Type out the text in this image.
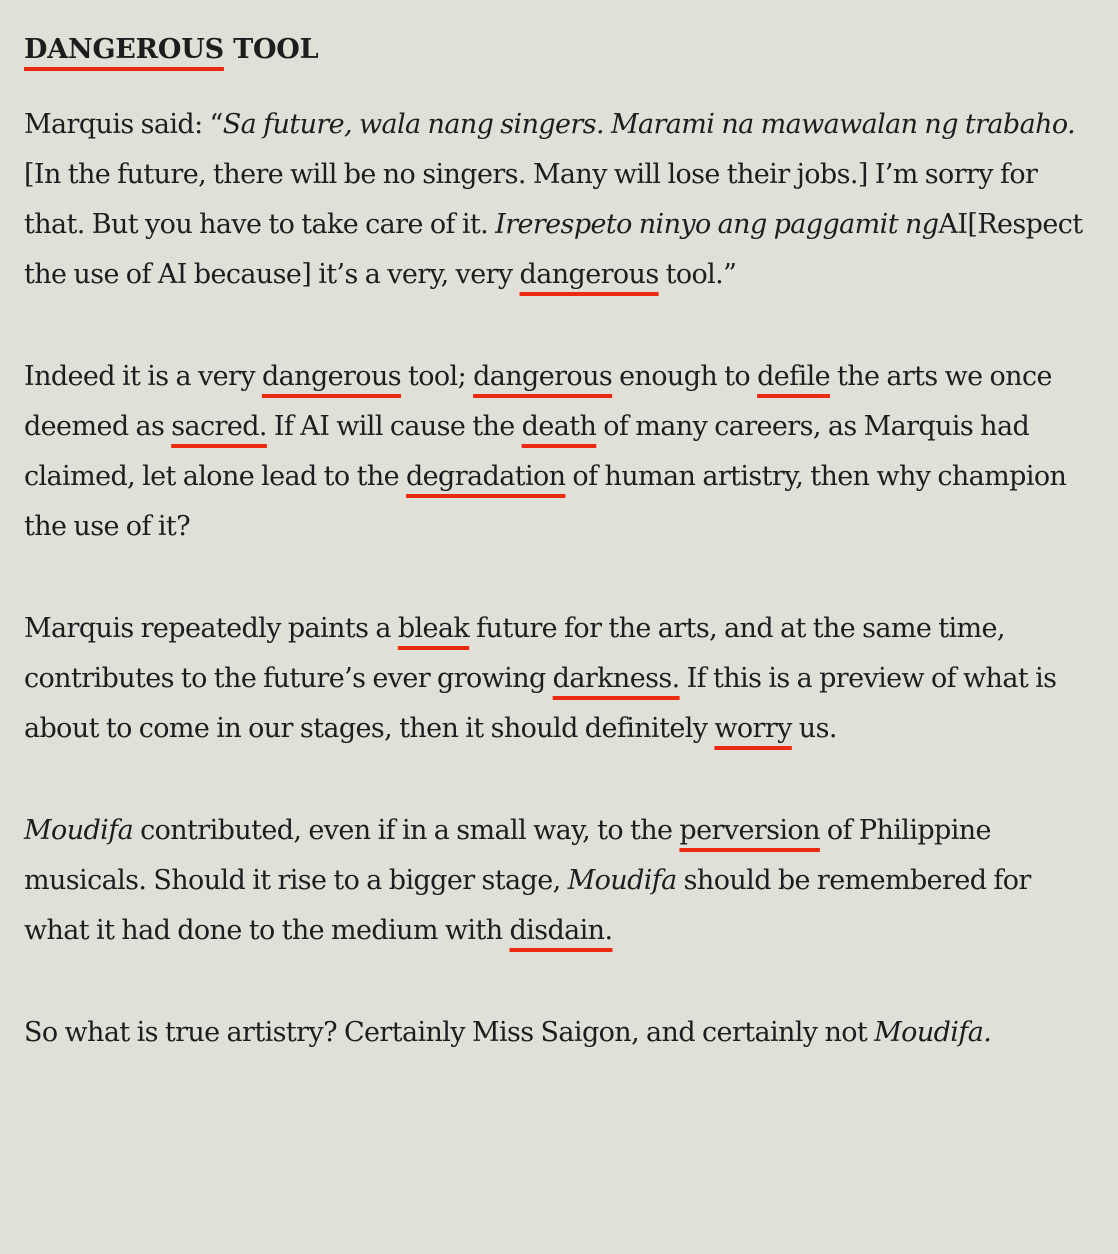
DANGEROUS TOOL

Marquis said: “Sa future, wala nang singers. Marami na mawawalan ng trabaho. [In the future, there will be no singers. Many will lose their jobs.] I’m sorry for that. But you have to take care of it. Irerespeto ninyo ang paggamit ngAI[Respect the use of AI because] it’s a very, very dangerous tool.”

Indeed it is a very dangerous tool; dangerous enough to defile the arts we once deemed as sacred. If AI will cause the death of many careers, as Marquis had claimed, let alone lead to the degradation of human artistry, then why champion the use of it?

Marquis repeatedly paints a bleak future for the arts, and at the same time, contributes to the future’s ever growing darkness. If this is a preview of what is about to come in our stages, then it should definitely worry us.

Moudifa contributed, even if in a small way, to the perversion of Philippine musicals. Should it rise to a bigger stage, Moudifa should be remembered for what it had done to the medium with disdain.

So what is true artistry? Certainly Miss Saigon, and certainly not Moudifa.
